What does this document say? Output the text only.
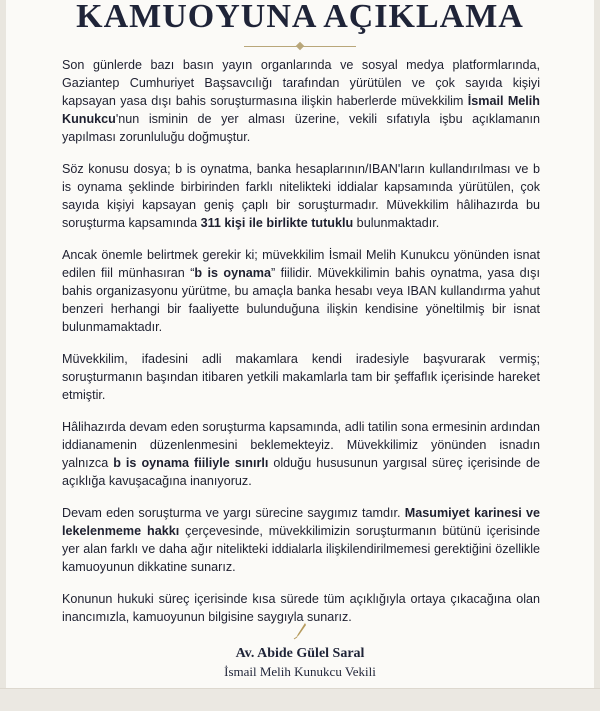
KAMUOYUNA AÇIKLAMA

Son günlerde bazı basın yayın organlarında ve sosyal medya platformlarında, Gaziantep Cumhuriyet Başsavcılığı tarafından yürütülen ve çok sayıda kişiyi kapsayan yasa dışı bahis soruşturmasına ilişkin haberlerde müvekkilim İsmail Melih Kunukcu'nun isminin de yer alması üzerine, vekili sıfatıyla işbu açıklamanın yapılması zorunluluğu doğmuştur.

Söz konusu dosya; b is oynatma, banka hesaplarının/IBAN'ların kullandırılması ve b is oynama şeklinde birbirinden farklı nitelikteki iddialar kapsamında yürütülen, çok sayıda kişiyi kapsayan geniş çaplı bir soruşturmadır. Müvekkilim hâlihazırda bu soruşturma kapsamında 311 kişi ile birlikte tutuklu bulunmaktadır.

Ancak önemle belirtmek gerekir ki; müvekkilim İsmail Melih Kunukcu yönünden isnat edilen fiil münhasıran “b is oynama” fiilidir. Müvekkilimin bahis oynatma, yasa dışı bahis organizasyonu yürütme, bu amaçla banka hesabı veya IBAN kullandırma yahut benzeri herhangi bir faaliyette bulunduğuna ilişkin kendisine yöneltilmiş bir isnat bulunmamaktadır.

Müvekkilim, ifadesini adli makamlara kendi iradesiyle başvurarak vermiş; soruşturmanın başından itibaren yetkili makamlarla tam bir şeffaflık içerisinde hareket etmiştir.

Hâlihazırda devam eden soruşturma kapsamında, adli tatilin sona ermesinin ardından iddianamenin düzenlenmesini beklemekteyiz. Müvekkilimiz yönünden isnadın yalnızca b is oynama fiiliyle sınırlı olduğu hususunun yargısal süreç içerisinde de açıklığa kavuşacağına inanıyoruz.

Devam eden soruşturma ve yargı sürecine saygımız tamdır. Masumiyet karinesi ve lekelenmeme hakkı çerçevesinde, müvekkilimizin soruşturmanın bütünü içerisinde yer alan farklı ve daha ağır nitelikteki iddialarla ilişkilendirilmemesi gerektiğini özellikle kamuoyunun dikkatine sunarız.

Konunun hukuki süreç içerisinde kısa sürede tüm açıklığıyla ortaya çıkacağına olan inancımızla, kamuoyunun bilgisine saygıyla sunarız.

Av. Abide Gülel Saral
İsmail Melih Kunukcu Vekili
